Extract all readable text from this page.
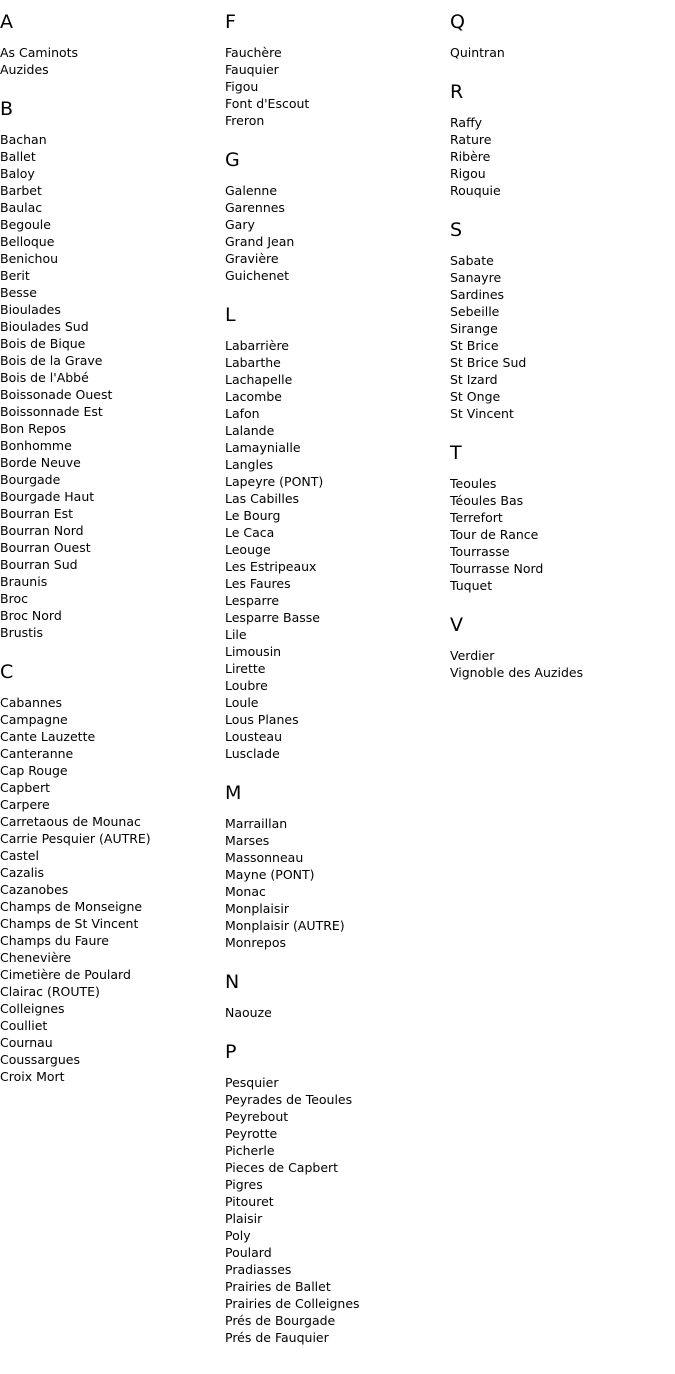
A
As Caminots
Auzides
B
Bachan
Ballet
Baloy
Barbet
Baulac
Begoule
Belloque
Benichou
Berit
Besse
Bioulades
Bioulades Sud
Bois de Bique
Bois de la Grave
Bois de l'Abbé
Boissonade Ouest
Boissonnade Est
Bon Repos
Bonhomme
Borde Neuve
Bourgade
Bourgade Haut
Bourran Est
Bourran Nord
Bourran Ouest
Bourran Sud
Braunis
Broc
Broc Nord
Brustis
C
Cabannes
Campagne
Cante Lauzette
Canteranne
Cap Rouge
Capbert
Carpere
Carretaous de Mounac
Carrie Pesquier (AUTRE)
Castel
Cazalis
Cazanobes
Champs de Monseigne
Champs de St Vincent
Champs du Faure
Chenevière
Cimetière de Poulard
Clairac (ROUTE)
Colleignes
Coulliet
Cournau
Coussargues
Croix Mort
F
Fauchère
Fauquier
Figou
Font d'Escout
Freron
G
Galenne
Garennes
Gary
Grand Jean
Gravière
Guichenet
L
Labarrière
Labarthe
Lachapelle
Lacombe
Lafon
Lalande
Lamaynialle
Langles
Lapeyre (PONT)
Las Cabilles
Le Bourg
Le Caca
Leouge
Les Estripeaux
Les Faures
Lesparre
Lesparre Basse
Lile
Limousin
Lirette
Loubre
Loule
Lous Planes
Lousteau
Lusclade
M
Marraillan
Marses
Massonneau
Mayne (PONT)
Monac
Monplaisir
Monplaisir (AUTRE)
Monrepos
N
Naouze
P
Pesquier
Peyrades de Teoules
Peyrebout
Peyrotte
Picherle
Pieces de Capbert
Pigres
Pitouret
Plaisir
Poly
Poulard
Pradiasses
Prairies de Ballet
Prairies de Colleignes
Prés de Bourgade
Prés de Fauquier
Q
Quintran
R
Raffy
Rature
Ribère
Rigou
Rouquie
S
Sabate
Sanayre
Sardines
Sebeille
Sirange
St Brice
St Brice Sud
St Izard
St Onge
St Vincent
T
Teoules
Téoules Bas
Terrefort
Tour de Rance
Tourrasse
Tourrasse Nord
Tuquet
V
Verdier
Vignoble des Auzides
